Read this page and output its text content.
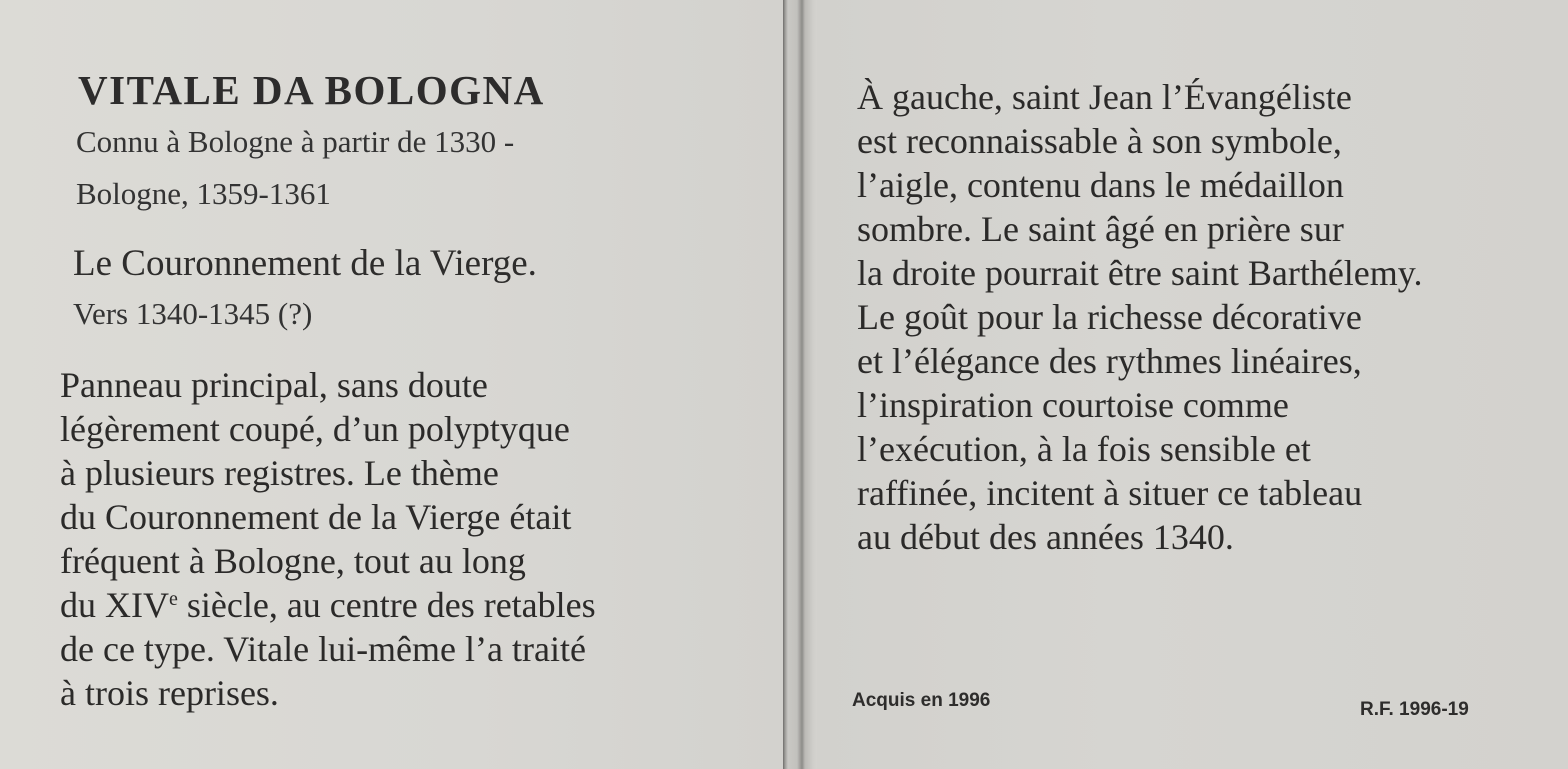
VITALE DA BOLOGNA
Connu à Bologne à partir de 1330 -
Bologne, 1359-1361
Le Couronnement de la Vierge.
Vers 1340-1345 (?)
Panneau principal, sans doute
légèrement coupé, d’un polyptyque
à plusieurs registres. Le thème
du Couronnement de la Vierge était
fréquent à Bologne, tout au long
du XIVe siècle, au centre des retables
de ce type. Vitale lui-même l’a traité
à trois reprises.
À gauche, saint Jean l’Évangéliste
est reconnaissable à son symbole,
l’aigle, contenu dans le médaillon
sombre. Le saint âgé en prière sur
la droite pourrait être saint Barthélemy.
Le goût pour la richesse décorative
et l’élégance des rythmes linéaires,
l’inspiration courtoise comme
l’exécution, à la fois sensible et
raffinée, incitent à situer ce tableau
au début des années 1340.
Acquis en 1996	R.F. 1996-19
